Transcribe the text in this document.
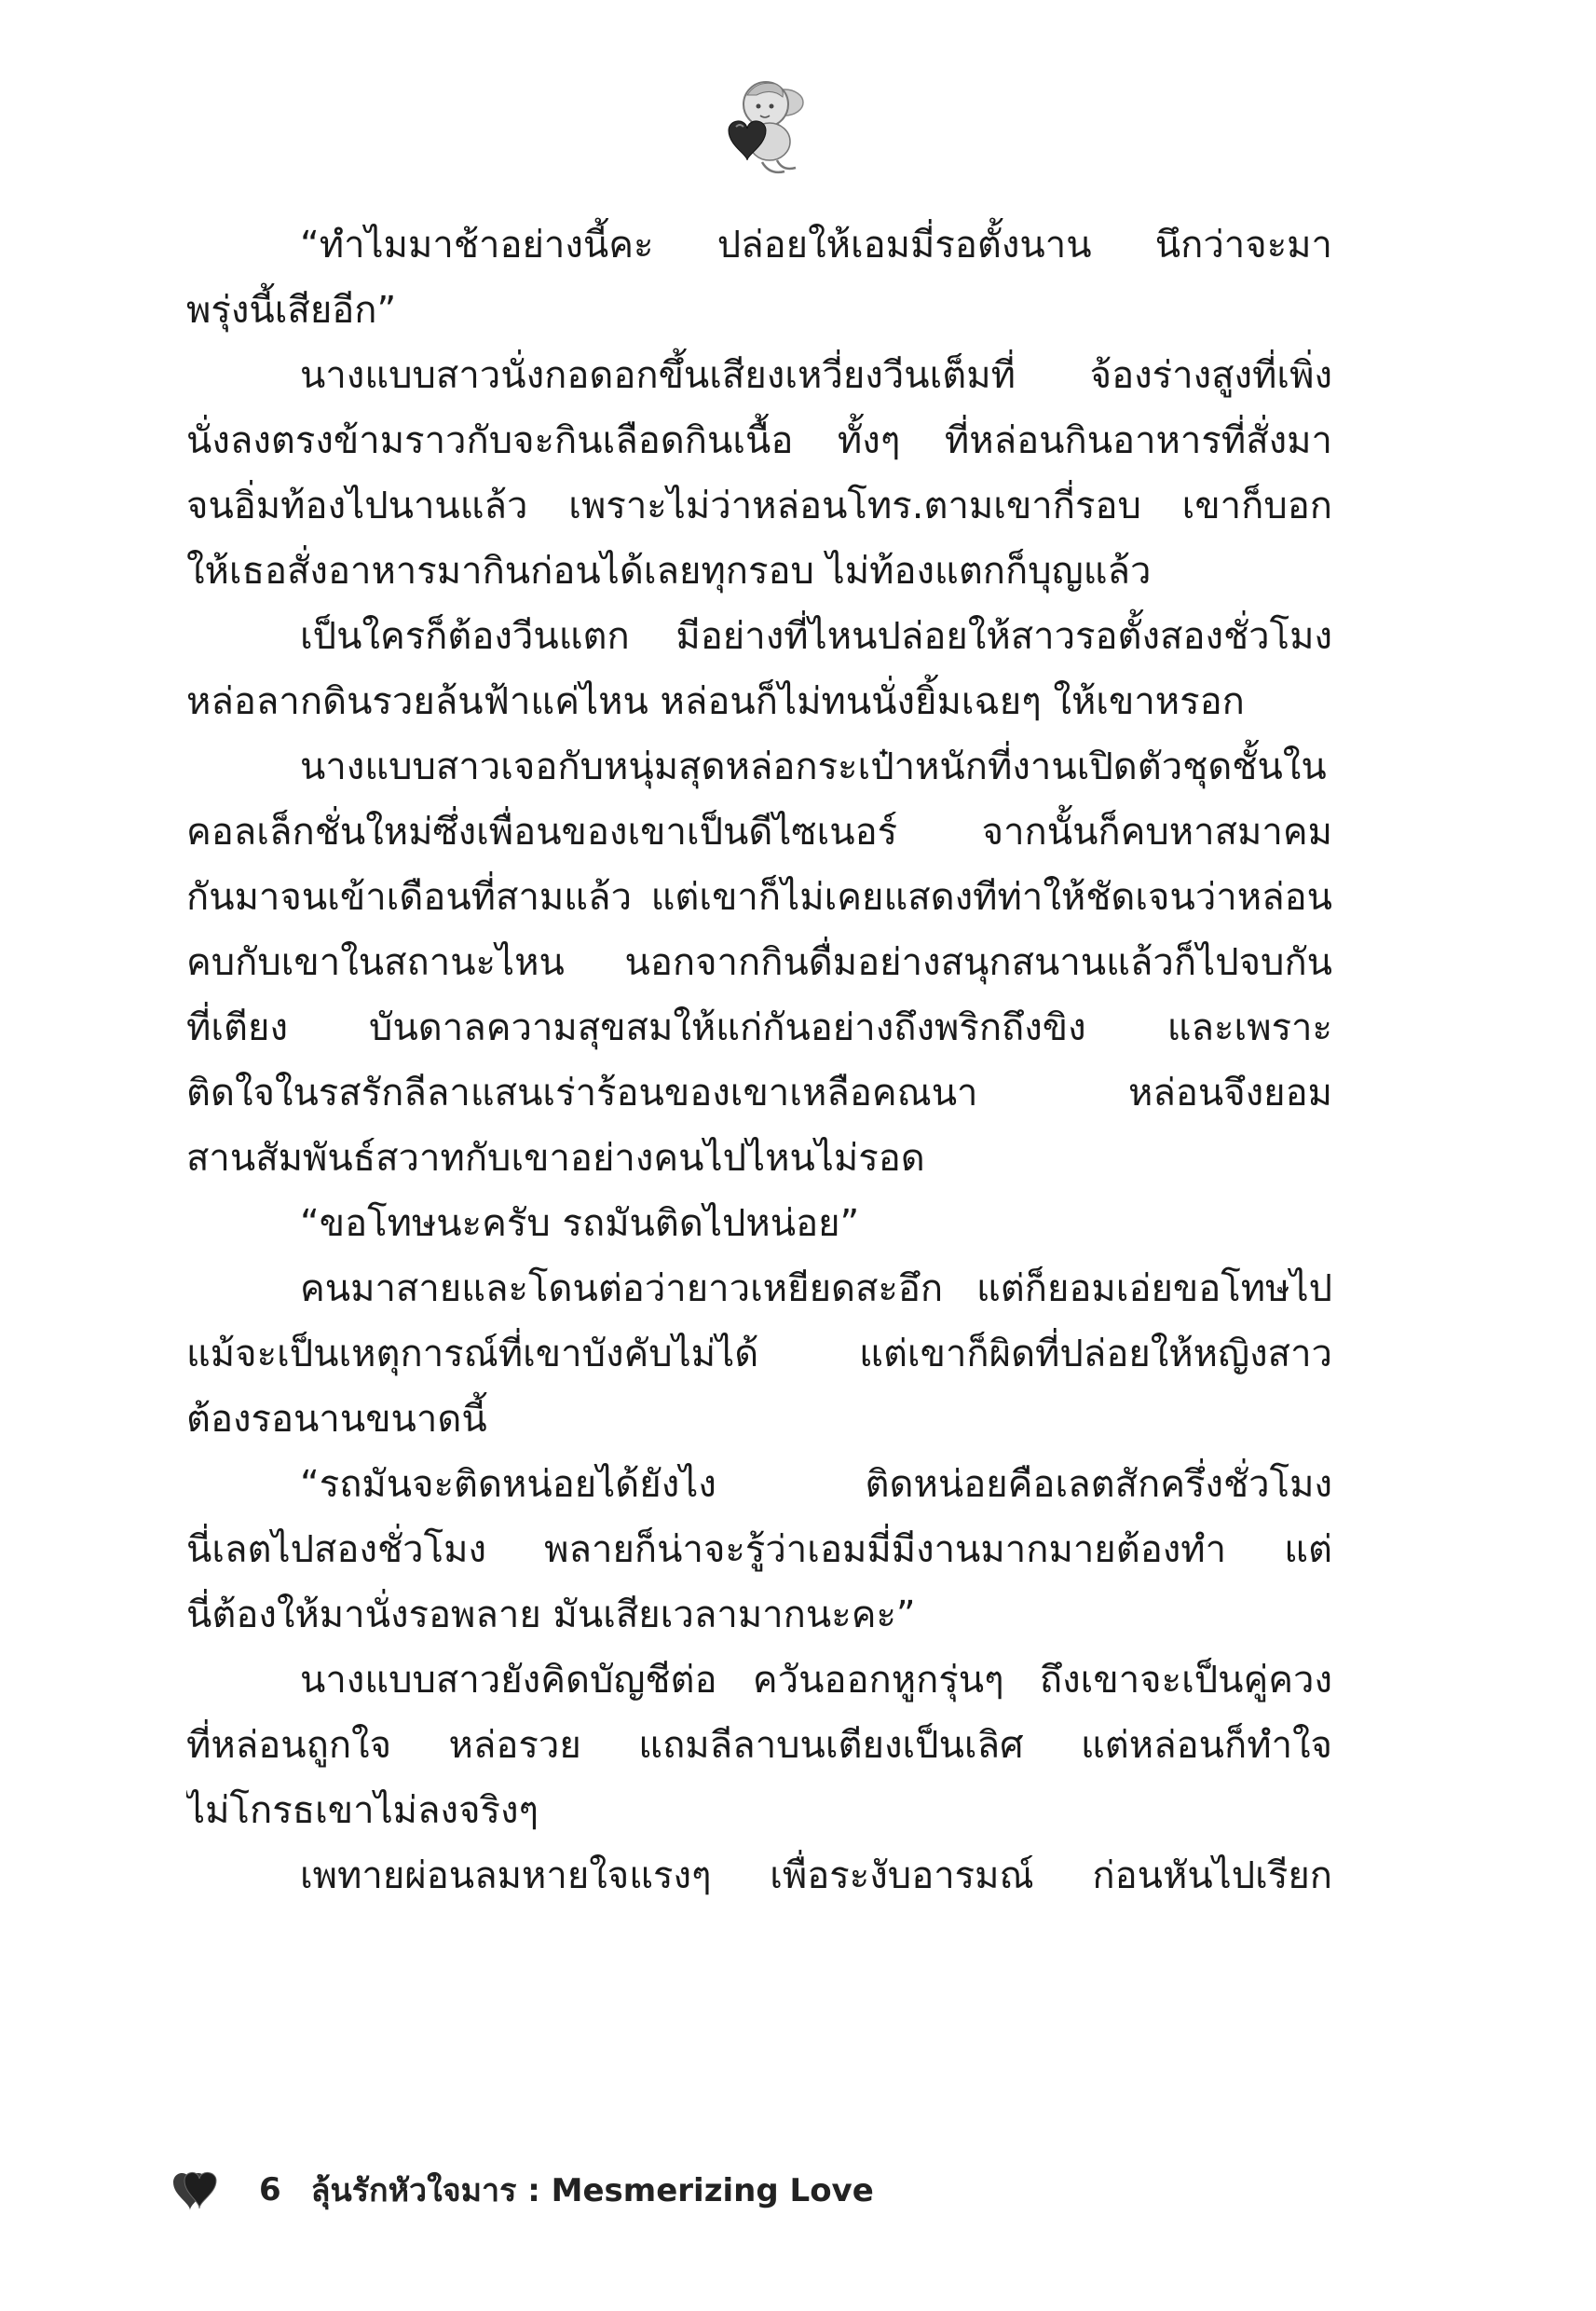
“ทำไมมาช้าอย่างนี้คะ ปล่อยให้เอมมี่รอตั้งนาน นึกว่าจะมา
พรุ่งนี้เสียอีก”
นางแบบสาวนั่งกอดอกขึ้นเสียงเหวี่ยงวีนเต็มที่ จ้องร่างสูงที่เพิ่ง
นั่งลงตรงข้ามราวกับจะกินเลือดกินเนื้อ ทั้งๆ ที่หล่อนกินอาหารที่สั่งมา
จนอิ่มท้องไปนานแล้ว เพราะไม่ว่าหล่อนโทร.ตามเขากี่รอบ เขาก็บอก
ให้เธอสั่งอาหารมากินก่อนได้เลยทุกรอบ ไม่ท้องแตกก็บุญแล้ว
เป็นใครก็ต้องวีนแตก มีอย่างที่ไหนปล่อยให้สาวรอตั้งสองชั่วโมง
หล่อลากดินรวยล้นฟ้าแค่ไหน หล่อนก็ไม่ทนนั่งยิ้มเฉยๆ ให้เขาหรอก
นางแบบสาวเจอกับหนุ่มสุดหล่อกระเป๋าหนักที่งานเปิดตัวชุดชั้นใน
คอลเล็กชั่นใหม่ซึ่งเพื่อนของเขาเป็นดีไซเนอร์ จากนั้นก็คบหาสมาคม
กันมาจนเข้าเดือนที่สามแล้ว แต่เขาก็ไม่เคยแสดงทีท่าให้ชัดเจนว่าหล่อน
คบกับเขาในสถานะไหน นอกจากกินดื่มอย่างสนุกสนานแล้วก็ไปจบกัน
ที่เตียง บันดาลความสุขสมให้แก่กันอย่างถึงพริกถึงขิง และเพราะ
ติดใจในรสรักลีลาแสนเร่าร้อนของเขาเหลือคณนา หล่อนจึงยอม
สานสัมพันธ์สวาทกับเขาอย่างคนไปไหนไม่รอด
“ขอโทษนะครับ รถมันติดไปหน่อย”
คนมาสายและโดนต่อว่ายาวเหยียดสะอึก แต่ก็ยอมเอ่ยขอโทษไป
แม้จะเป็นเหตุการณ์ที่เขาบังคับไม่ได้ แต่เขาก็ผิดที่ปล่อยให้หญิงสาว
ต้องรอนานขนาดนี้
“รถมันจะติดหน่อยได้ยังไง ติดหน่อยคือเลตสักครึ่งชั่วโมง
นี่เลตไปสองชั่วโมง พลายก็น่าจะรู้ว่าเอมมี่มีงานมากมายต้องทำ แต่
นี่ต้องให้มานั่งรอพลาย มันเสียเวลามากนะคะ”
นางแบบสาวยังคิดบัญชีต่อ ควันออกหูกรุ่นๆ ถึงเขาจะเป็นคู่ควง
ที่หล่อนถูกใจ หล่อรวย แถมลีลาบนเตียงเป็นเลิศ แต่หล่อนก็ทำใจ
ไม่โกรธเขาไม่ลงจริงๆ
เพทายผ่อนลมหายใจแรงๆ เพื่อระงับอารมณ์ ก่อนหันไปเรียก
6 ลุ้นรักหัวใจมาร : Mesmerizing Love
